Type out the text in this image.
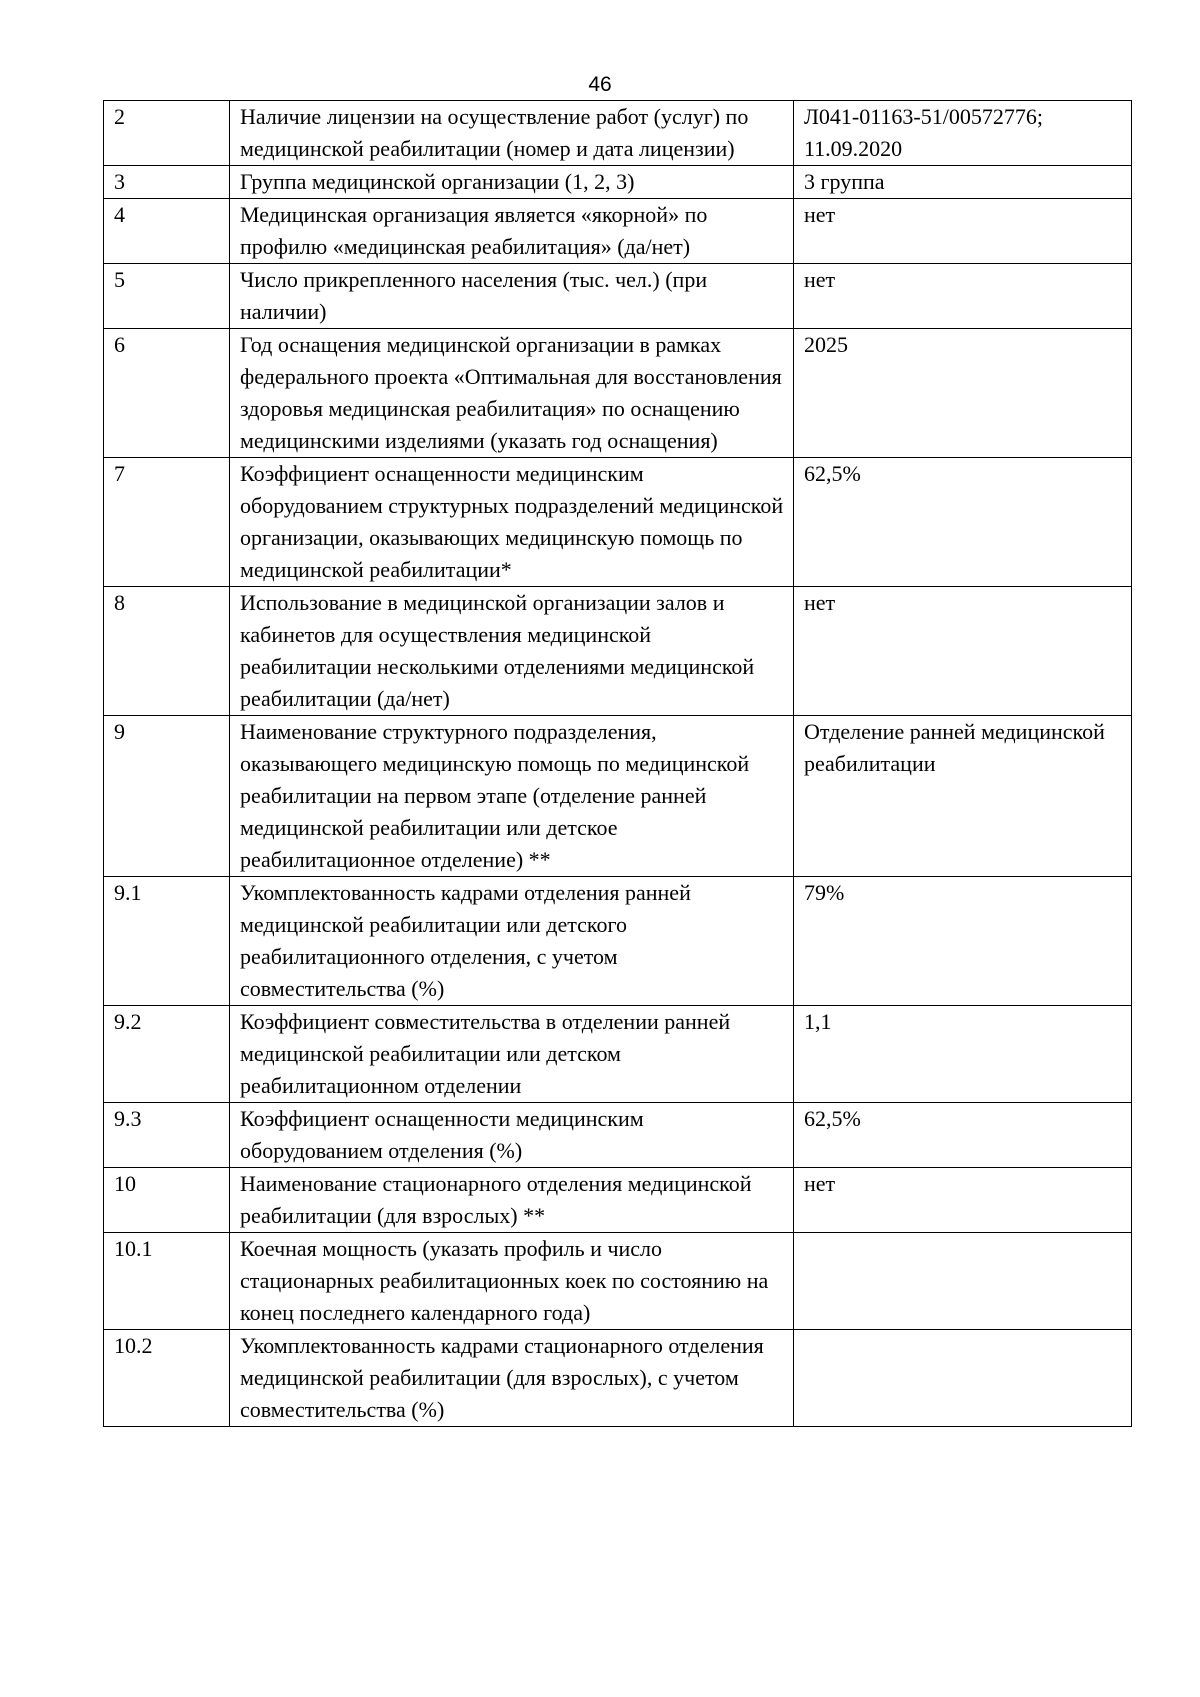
46
2	Наличие лицензии на осуществление работ (услуг) по медицинской реабилитации (номер и дата лицензии)	Л041-01163-51/00572776; 11.09.2020
3	Группа медицинской организации (1, 2, 3)	3 группа
4	Медицинская организация является «якорной» по профилю «медицинская реабилитация» (да/нет)	нет
5	Число прикрепленного населения (тыс. чел.) (при наличии)	нет
6	Год оснащения медицинской организации в рамках федерального проекта «Оптимальная для восстановления здоровья медицинская реабилитация» по оснащению медицинскими изделиями (указать год оснащения)	2025
7	Коэффициент оснащенности медицинским оборудованием структурных подразделений медицинской организации, оказывающих медицинскую помощь по медицинской реабилитации*	62,5%
8	Использование в медицинской организации залов и кабинетов для осуществления медицинской реабилитации несколькими отделениями медицинской реабилитации (да/нет)	нет
9	Наименование структурного подразделения, оказывающего медицинскую помощь по медицинской реабилитации на первом этапе (отделение ранней медицинской реабилитации или детское реабилитационное отделение) **	Отделение ранней медицинской реабилитации
9.1	Укомплектованность кадрами отделения ранней медицинской реабилитации или детского реабилитационного отделения, с учетом совместительства (%)	79%
9.2	Коэффициент совместительства в отделении ранней медицинской реабилитации или детском реабилитационном отделении	1,1
9.3	Коэффициент оснащенности медицинским оборудованием отделения (%)	62,5%
10	Наименование стационарного отделения медицинской реабилитации (для взрослых) **	нет
10.1	Коечная мощность (указать профиль и число стационарных реабилитационных коек по состоянию на конец последнего календарного года)	
10.2	Укомплектованность кадрами стационарного отделения медицинской реабилитации (для взрослых), с учетом совместительства (%)	
